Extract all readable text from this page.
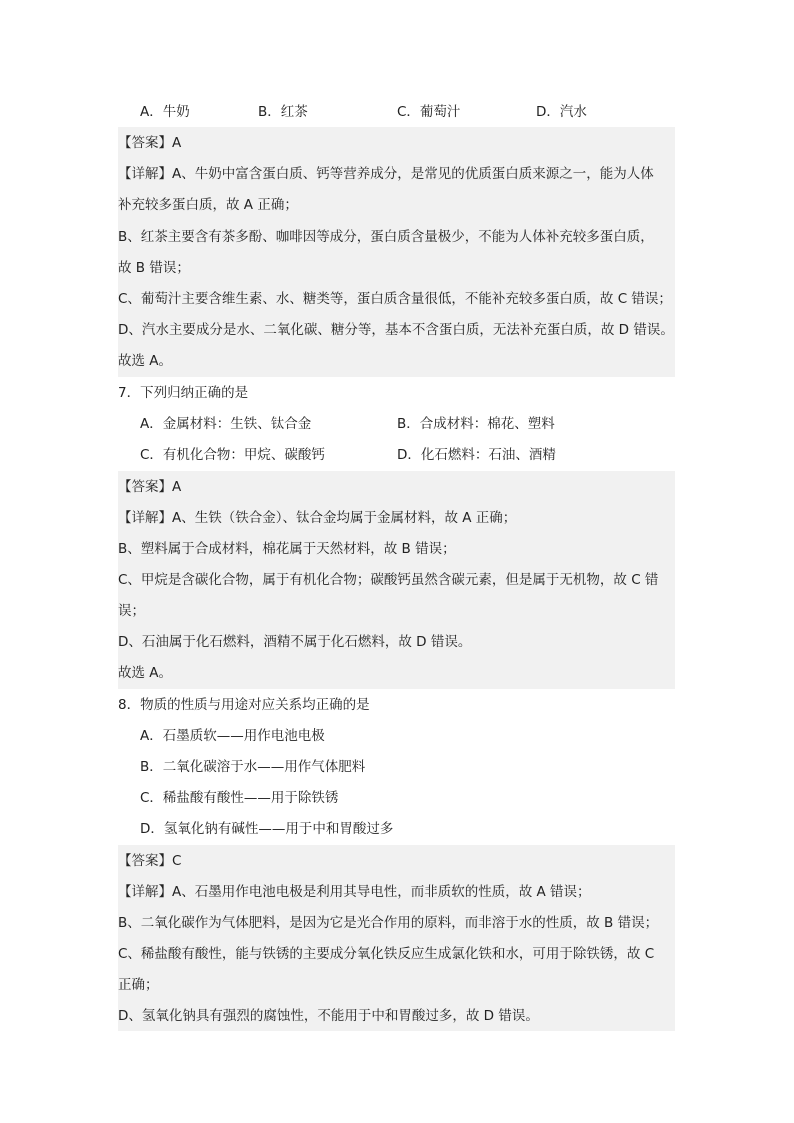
A．牛奶	B．红茶	C．葡萄汁	D．汽水
【答案】A
【详解】A、牛奶中富含蛋白质、钙等营养成分，是常见的优质蛋白质来源之一，能为人体
补充较多蛋白质，故 A 正确；
B、红茶主要含有茶多酚、咖啡因等成分，蛋白质含量极少，不能为人体补充较多蛋白质，
故 B 错误；
C、葡萄汁主要含维生素、水、糖类等，蛋白质含量很低，不能补充较多蛋白质，故 C 错误；
D、汽水主要成分是水、二氧化碳、糖分等，基本不含蛋白质，无法补充蛋白质，故 D 错误。
故选 A。
7．下列归纳正确的是
A．金属材料：生铁、钛合金	B．合成材料：棉花、塑料
C．有机化合物：甲烷、碳酸钙	D．化石燃料：石油、酒精
【答案】A
【详解】A、生铁（铁合金）、钛合金均属于金属材料，故 A 正确；
B、塑料属于合成材料，棉花属于天然材料，故 B 错误；
C、甲烷是含碳化合物，属于有机化合物；碳酸钙虽然含碳元素，但是属于无机物，故 C 错
误；
D、石油属于化石燃料，酒精不属于化石燃料，故 D 错误。
故选 A。
8．物质的性质与用途对应关系均正确的是
A．石墨质软——用作电池电极
B．二氧化碳溶于水——用作气体肥料
C．稀盐酸有酸性——用于除铁锈
D．氢氧化钠有碱性——用于中和胃酸过多
【答案】C
【详解】A、石墨用作电池电极是利用其导电性，而非质软的性质，故 A 错误；
B、二氧化碳作为气体肥料，是因为它是光合作用的原料，而非溶于水的性质，故 B 错误；
C、稀盐酸有酸性，能与铁锈的主要成分氧化铁反应生成氯化铁和水，可用于除铁锈，故 C
正确；
D、氢氧化钠具有强烈的腐蚀性，不能用于中和胃酸过多，故 D 错误。
